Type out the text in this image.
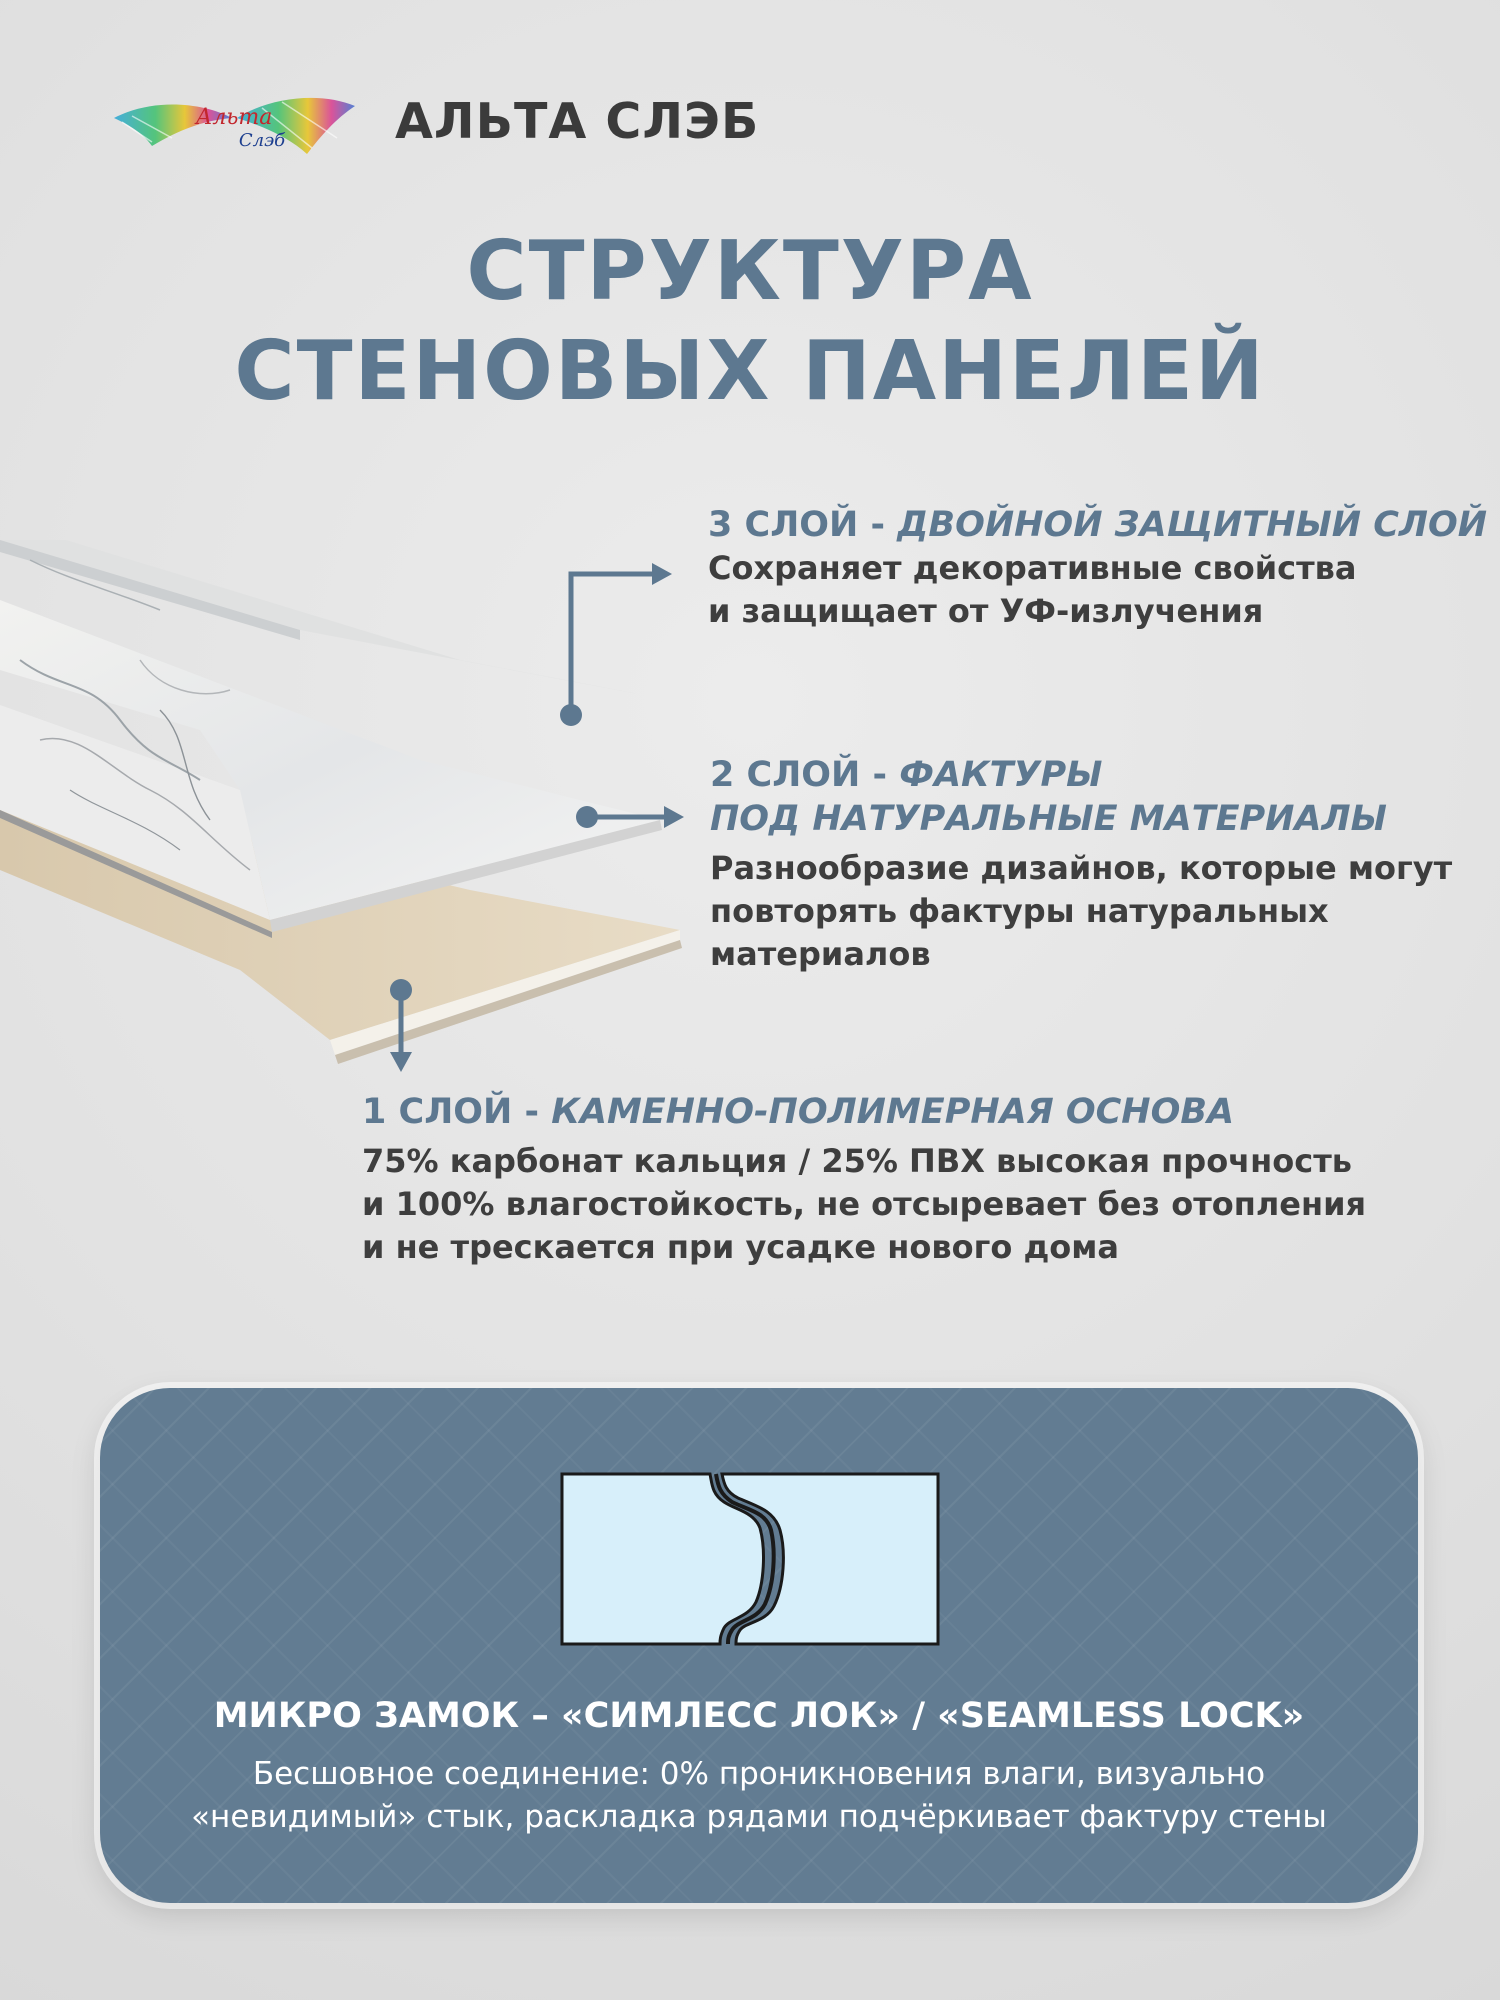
Альта
Слэб АЛЬТА СЛЭБ
СТРУКТУРА
СТЕНОВЫХ ПАНЕЛЕЙ
3 СЛОЙ - ДВОЙНОЙ ЗАЩИТНЫЙ СЛОЙ
Сохраняет декоративные свойства
и защищает от УФ-излучения
2 СЛОЙ - ФАКТУРЫ
ПОД НАТУРАЛЬНЫЕ МАТЕРИАЛЫ
Разнообразие дизайнов, которые могут
повторять фактуры натуральных
материалов
1 СЛОЙ - КАМЕННО-ПОЛИМЕРНАЯ ОСНОВА
75% карбонат кальция / 25% ПВХ высокая прочность
и 100% влагостойкость, не отсыревает без отопления
и не трескается при усадке нового дома
МИКРО ЗАМОК – «СИМЛЕСС ЛОК» / «SEAMLESS LOCK»
Бесшовное соединение: 0% проникновения влаги, визуально
«невидимый» стык, раскладка рядами подчёркивает фактуру стены
